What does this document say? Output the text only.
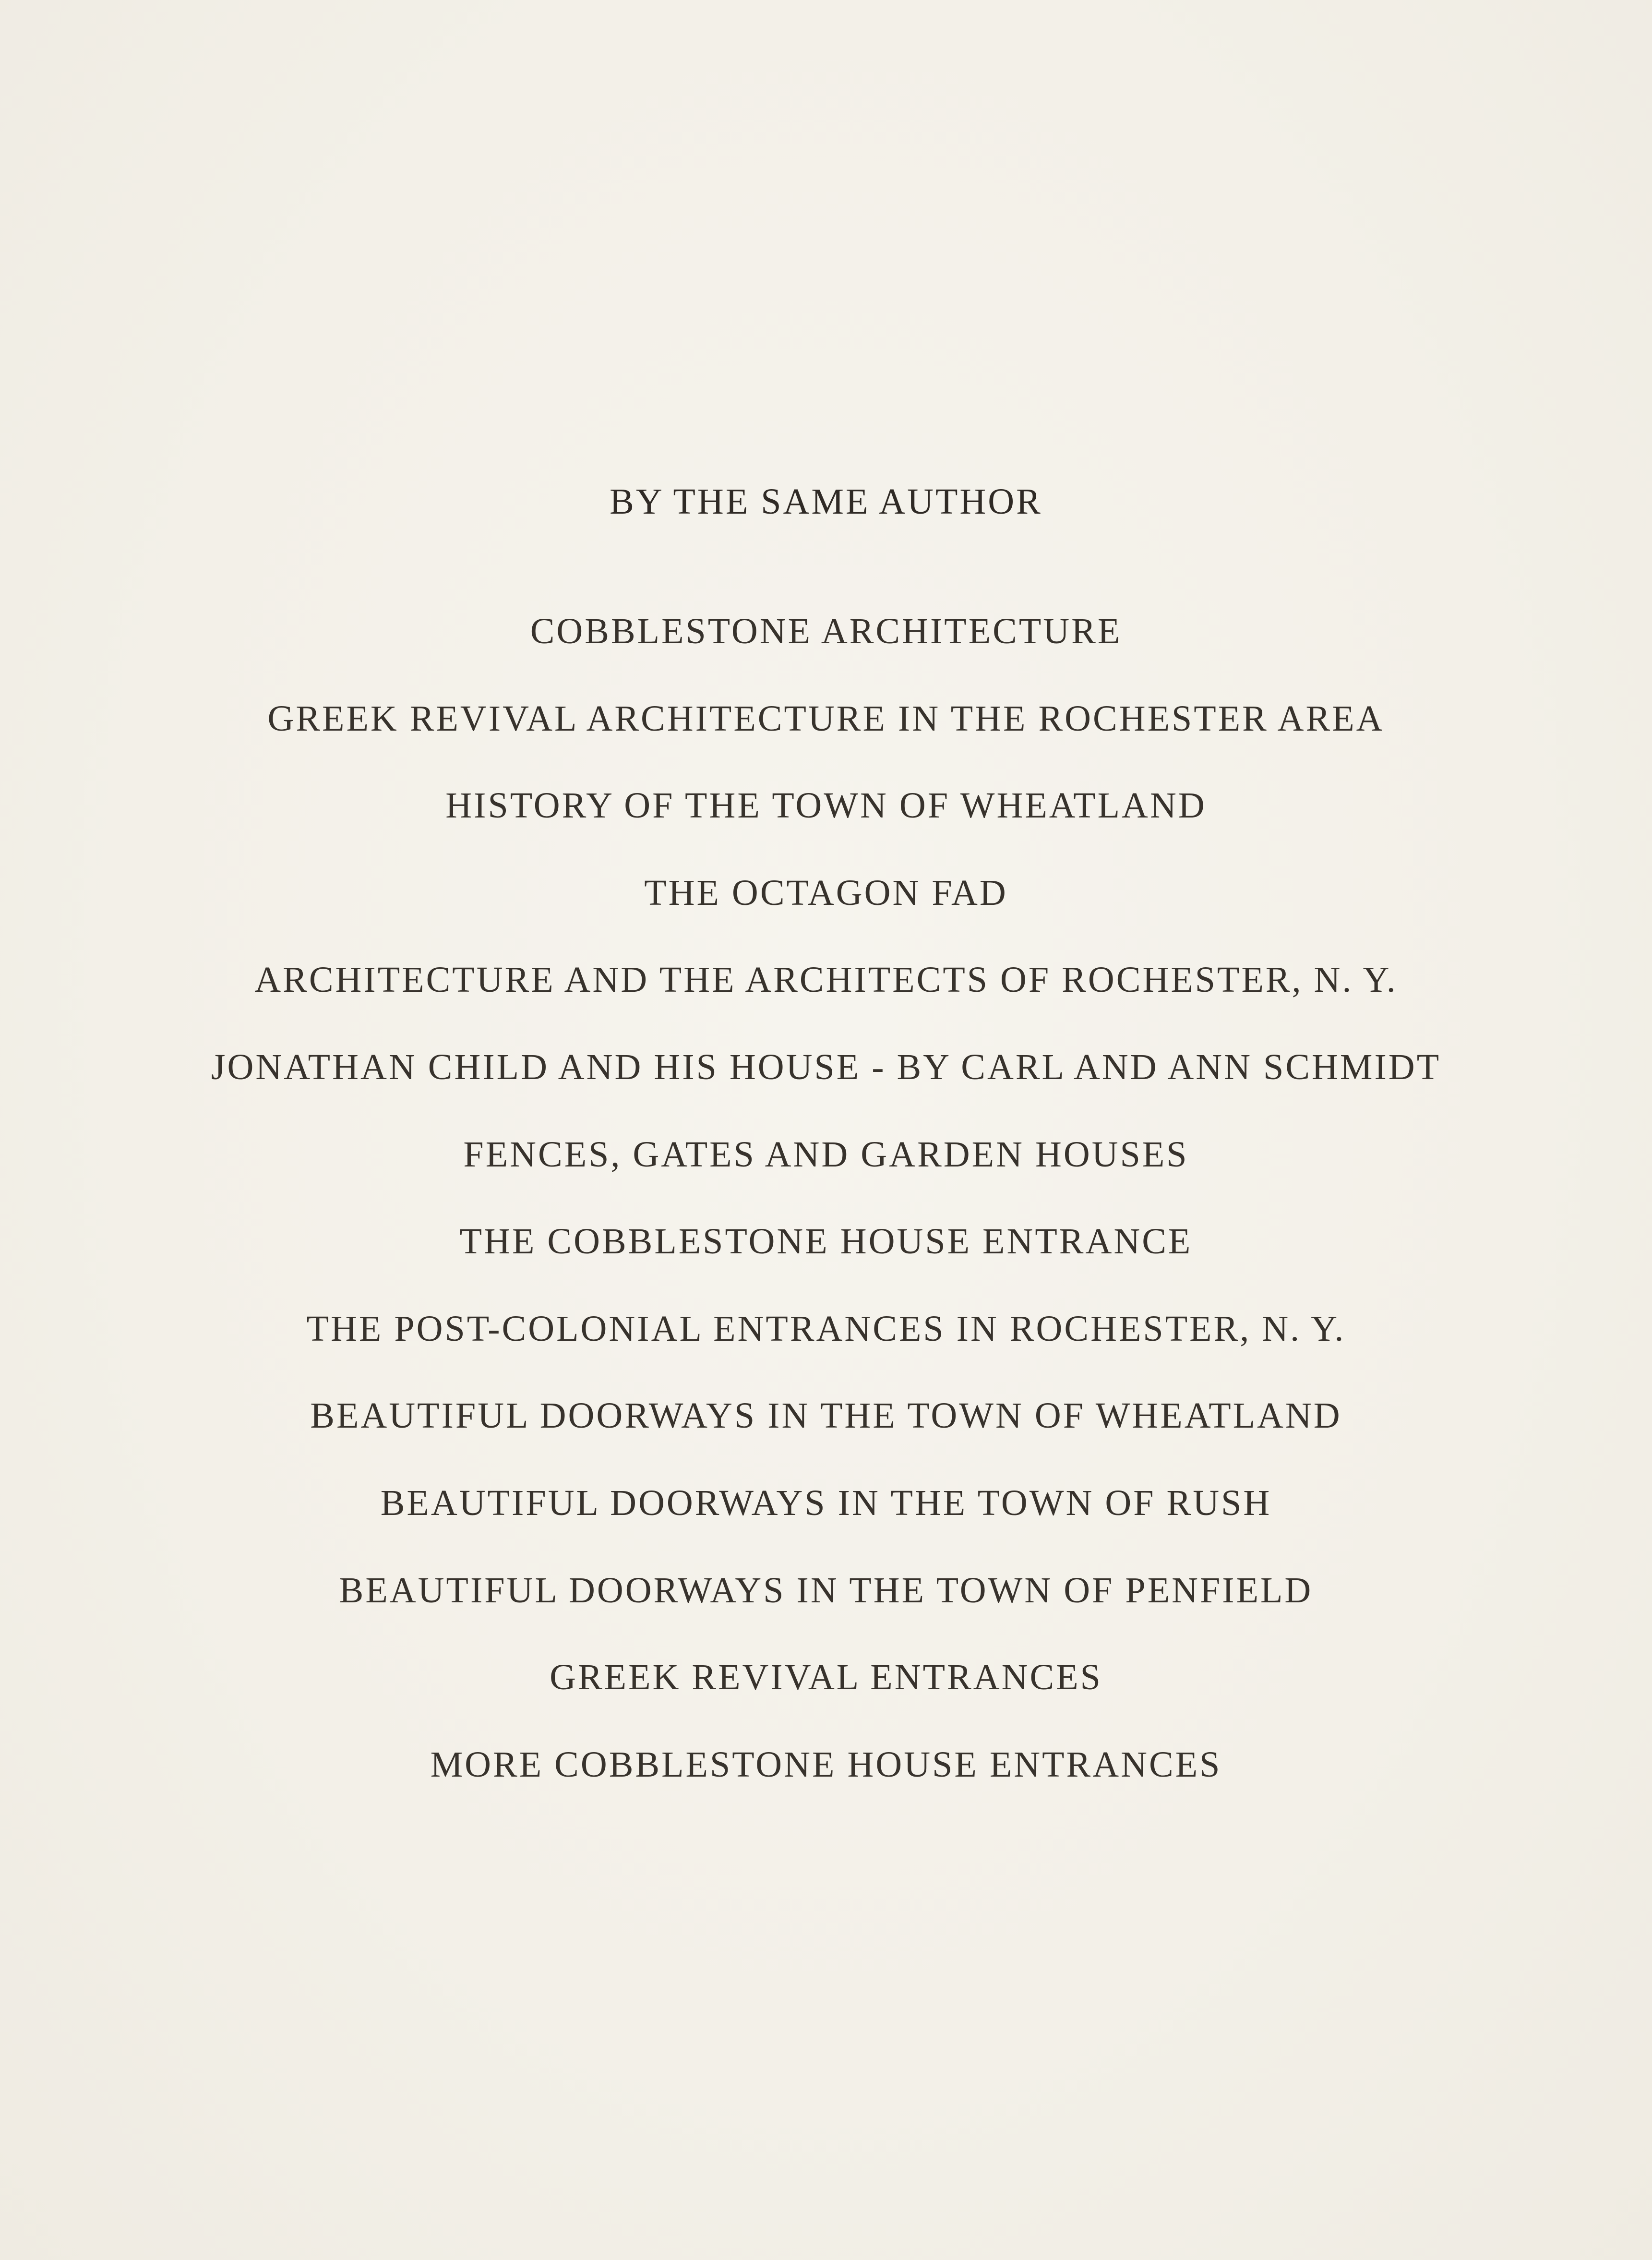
BY THE SAME AUTHOR
COBBLESTONE ARCHITECTURE
GREEK REVIVAL ARCHITECTURE IN THE ROCHESTER AREA
HISTORY OF THE TOWN OF WHEATLAND
THE OCTAGON FAD
ARCHITECTURE AND THE ARCHITECTS OF ROCHESTER, N. Y.
JONATHAN CHILD AND HIS HOUSE - BY CARL AND ANN SCHMIDT
FENCES, GATES AND GARDEN HOUSES
THE COBBLESTONE HOUSE ENTRANCE
THE POST-COLONIAL ENTRANCES IN ROCHESTER, N. Y.
BEAUTIFUL DOORWAYS IN THE TOWN OF WHEATLAND
BEAUTIFUL DOORWAYS IN THE TOWN OF RUSH
BEAUTIFUL DOORWAYS IN THE TOWN OF PENFIELD
GREEK REVIVAL ENTRANCES
MORE COBBLESTONE HOUSE ENTRANCES
